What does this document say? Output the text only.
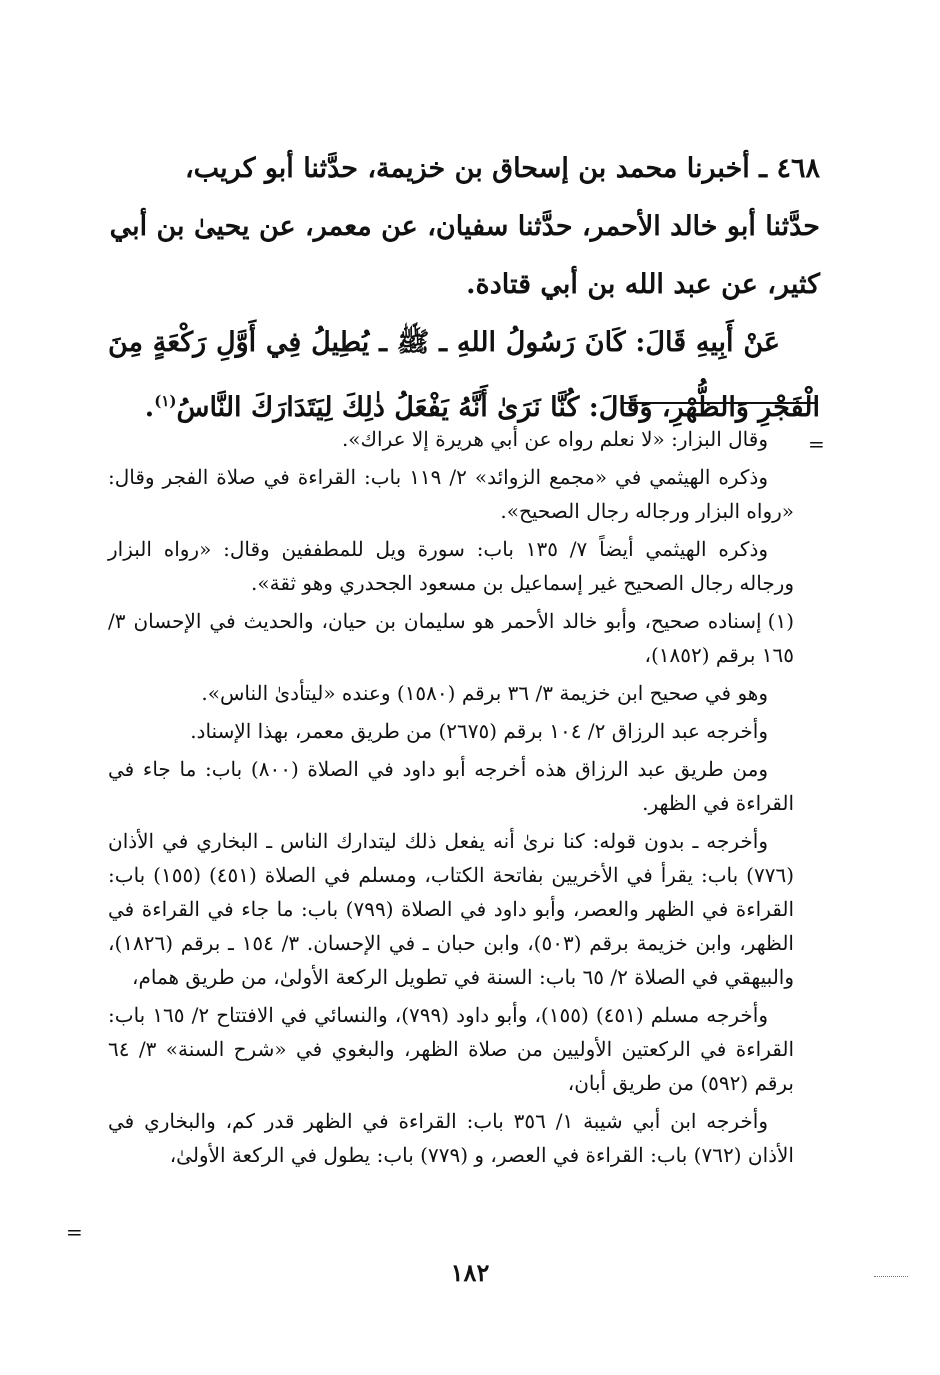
٤٦٨ ـ أخبرنا محمد بن إسحاق بن خزيمة، حدَّثنا أبو كريب،

حدَّثنا أبو خالد الأحمر، حدَّثنا سفيان، عن معمر، عن يحيىٰ بن أبي

كثير، عن عبد الله بن أبي قتادة.

عَنْ أَبِيهِ قَالَ: كَانَ رَسُولُ اللهِ ـ ﷺ ـ يُطِيلُ فِي أَوَّلِ رَكْعَةٍ مِنَ الْفَجْرِ وَالظُّهْرِ، وَقَالَ: كُنَّا نَرَىٰ أَنَّهُ يَفْعَلُ ذٰلِكَ لِيَتَدَارَكَ النَّاسُ$^{(١)}$.

=

وقال البزار: «لا نعلم رواه عن أبي هريرة إلا عراك».

وذكره الهيثمي في «مجمع الزوائد» ٢/ ١١٩ باب: القراءة في صلاة الفجر وقال: «رواه البزار ورجاله رجال الصحيح».

وذكره الهيثمي أيضاً ٧/ ١٣٥ باب: سورة ويل للمطففين وقال: «رواه البزار ورجاله رجال الصحيح غير إسماعيل بن مسعود الجحدري وهو ثقة».

(١)إسناده صحيح، وأبو خالد الأحمر هو سليمان بن حيان، والحديث في الإحسان ٣/ ١٦٥ برقم (١٨٥٢)،

وهو في صحيح ابن خزيمة ٣/ ٣٦ برقم (١٥٨٠) وعنده «ليتأدىٰ الناس».

وأخرجه عبد الرزاق ٢/ ١٠٤ برقم (٢٦٧٥) من طريق معمر، بهذا الإسناد.

ومن طريق عبد الرزاق هذه أخرجه أبو داود في الصلاة (٨٠٠) باب: ما جاء في القراءة في الظهر.

وأخرجه ـ بدون قوله: كنا نرىٰ أنه يفعل ذلك ليتدارك الناس ـ البخاري في الأذان (٧٧٦) باب: يقرأ في الأخريين بفاتحة الكتاب، ومسلم في الصلاة (٤٥١) (١٥٥) باب: القراءة في الظهر والعصر، وأبو داود في الصلاة (٧٩٩) باب: ما جاء في القراءة في الظهر، وابن خزيمة برقم (٥٠٣)، وابن حبان ـ في الإحسان. ٣/ ١٥٤ ـ برقم (١٨٢٦)، والبيهقي في الصلاة ٢/ ٦٥ باب: السنة في تطويل الركعة الأولىٰ، من طريق همام،

وأخرجه مسلم (٤٥١) (١٥٥)، وأبو داود (٧٩٩)، والنسائي في الافتتاح ٢/ ١٦٥ باب: القراءة في الركعتين الأوليين من صلاة الظهر، والبغوي في «شرح السنة» ٣/ ٦٤ برقم (٥٩٢) من طريق أبان،

وأخرجه ابن أبي شيبة ١/ ٣٥٦ باب: القراءة في الظهر قدر كم، والبخاري في الأذان (٧٦٢) باب: القراءة في العصر، و (٧٧٩) باب: يطول في الركعة الأولىٰ،

=
١٨٢
